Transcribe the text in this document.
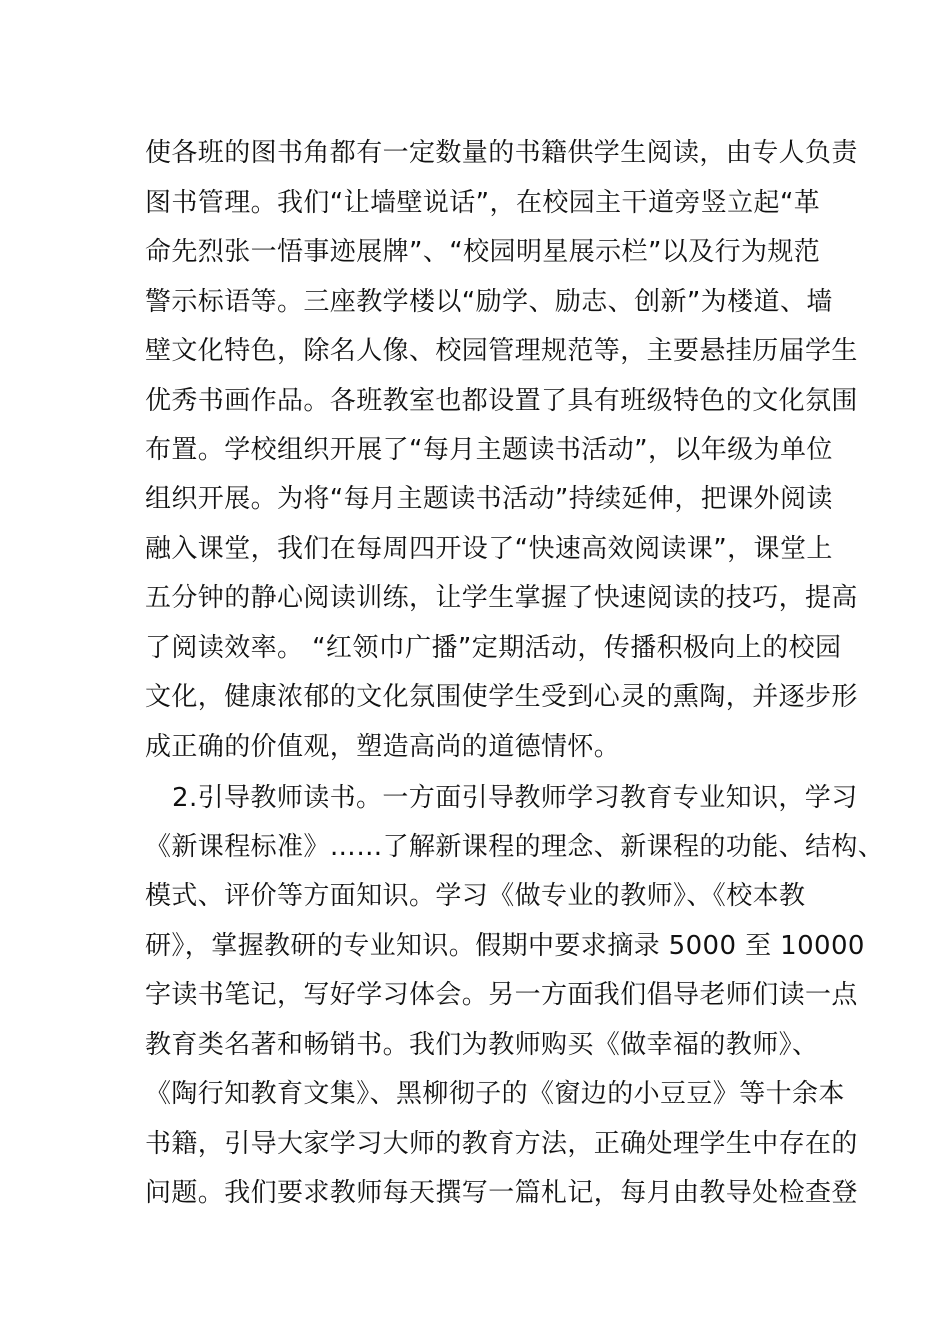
使各班的图书角都有一定数量的书籍供学生阅读，由专人负责
图书管理。我们“让墙壁说话”，在校园主干道旁竖立起“革
命先烈张一悟事迹展牌”、“校园明星展示栏”以及行为规范
警示标语等。三座教学楼以“励学、励志、创新”为楼道、墙
壁文化特色，除名人像、校园管理规范等，主要悬挂历届学生
优秀书画作品。各班教室也都设置了具有班级特色的文化氛围
布置。学校组织开展了“每月主题读书活动”，以年级为单位
组织开展。为将“每月主题读书活动”持续延伸，把课外阅读
融入课堂，我们在每周四开设了“快速高效阅读课”，课堂上
五分钟的静心阅读训练，让学生掌握了快速阅读的技巧，提高
了阅读效率。 “红领巾广播”定期活动，传播积极向上的校园
文化，健康浓郁的文化氛围使学生受到心灵的熏陶，并逐步形
成正确的价值观，塑造高尚的道德情怀。
2.引导教师读书。一方面引导教师学习教育专业知识，学习
《新课程标准》……了解新课程的理念、新课程的功能、结构、
模式、评价等方面知识。学习《做专业的教师》、《校本教
研》，掌握教研的专业知识。假期中要求摘录 5000 至 10000
字读书笔记，写好学习体会。另一方面我们倡导老师们读一点
教育类名著和畅销书。我们为教师购买《做幸福的教师》、
《陶行知教育文集》、黑柳彻子的《窗边的小豆豆》等十余本
书籍，引导大家学习大师的教育方法，正确处理学生中存在的
问题。我们要求教师每天撰写一篇札记，每月由教导处检查登
